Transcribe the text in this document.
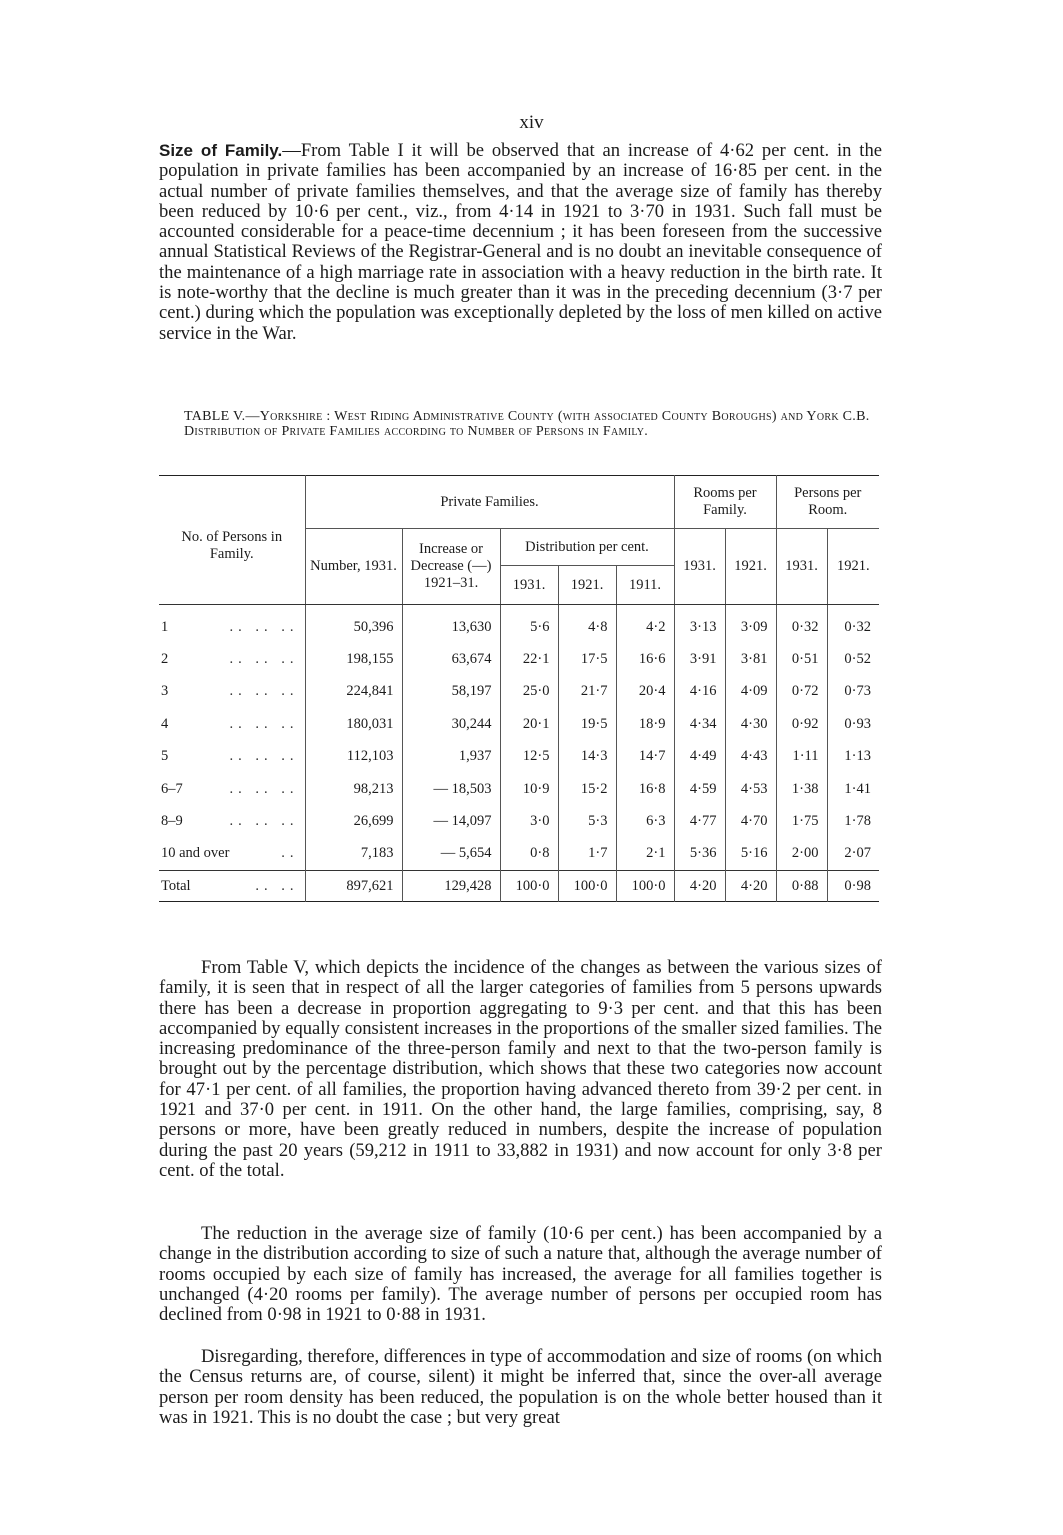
xiv

Size of Family.—From Table I it will be observed that an increase of 4·62 per cent. in the population in private families has been accompanied by an increase of 16·85 per cent. in the actual number of private families themselves, and that the average size of family has thereby been reduced by 10·6 per cent., viz., from 4·14 in 1921 to 3·70 in 1931. Such fall must be accounted considerable for a peace-time decennium ; it has been foreseen from the successive annual Statistical Reviews of the Registrar-General and is no doubt an inevitable consequence of the maintenance of a high marriage rate in association with a heavy reduction in the birth rate. It is note-worthy that the decline is much greater than it was in the preceding decennium (3·7 per cent.) during which the population was exceptionally depleted by the loss of men killed on active service in the War.

TABLE V.—Yorkshire : West Riding Administrative County (with associated County Boroughs) and York C.B. Distribution of Private Families according to Number of Persons in Family.
No. of Persons in Family.	Private Families.					Rooms per Family.		Persons per Room.	
	Number, 1931.	Increase or Decrease (—) 1921–31.	Distribution per cent.			1931.	1921.	1931.	1921.
			1931.	1921.	1911.				
1 .. .. ..	50,396	13,630	5·6	4·8	4·2	3·13	3·09	0·32	0·32
2 .. .. ..	198,155	63,674	22·1	17·5	16·6	3·91	3·81	0·51	0·52
3 .. .. ..	224,841	58,197	25·0	21·7	20·4	4·16	4·09	0·72	0·73
4 .. .. ..	180,031	30,244	20·1	19·5	18·9	4·34	4·30	0·92	0·93
5 .. .. ..	112,103	1,937	12·5	14·3	14·7	4·49	4·43	1·11	1·13
6–7 .. .. ..	98,213	— 18,503	10·9	15·2	16·8	4·59	4·53	1·38	1·41
8–9 .. .. ..	26,699	— 14,097	3·0	5·3	6·3	4·77	4·70	1·75	1·78
10 and over ..	7,183	— 5,654	0·8	1·7	2·1	5·36	5·16	2·00	2·07
Total .. ..	897,621	129,428	100·0	100·0	100·0	4·20	4·20	0·88	0·98

From Table V, which depicts the incidence of the changes as between the various sizes of family, it is seen that in respect of all the larger categories of families from 5 persons upwards there has been a decrease in proportion aggregating to 9·3 per cent. and that this has been accompanied by equally consistent increases in the proportions of the smaller sized families. The increasing predominance of the three-person family and next to that the two-person family is brought out by the percentage distribution, which shows that these two categories now account for 47·1 per cent. of all families, the proportion having advanced thereto from 39·2 per cent. in 1921 and 37·0 per cent. in 1911. On the other hand, the large families, comprising, say, 8 persons or more, have been greatly reduced in numbers, despite the increase of population during the past 20 years (59,212 in 1911 to 33,882 in 1931) and now account for only 3·8 per cent. of the total.

The reduction in the average size of family (10·6 per cent.) has been accompanied by a change in the distribution according to size of such a nature that, although the average number of rooms occupied by each size of family has increased, the average for all families together is unchanged (4·20 rooms per family). The average number of persons per occupied room has declined from 0·98 in 1921 to 0·88 in 1931.

Disregarding, therefore, differences in type of accommodation and size of rooms (on which the Census returns are, of course, silent) it might be inferred that, since the over-all average person per room density has been reduced, the population is on the whole better housed than it was in 1921. This is no doubt the case ; but very great
